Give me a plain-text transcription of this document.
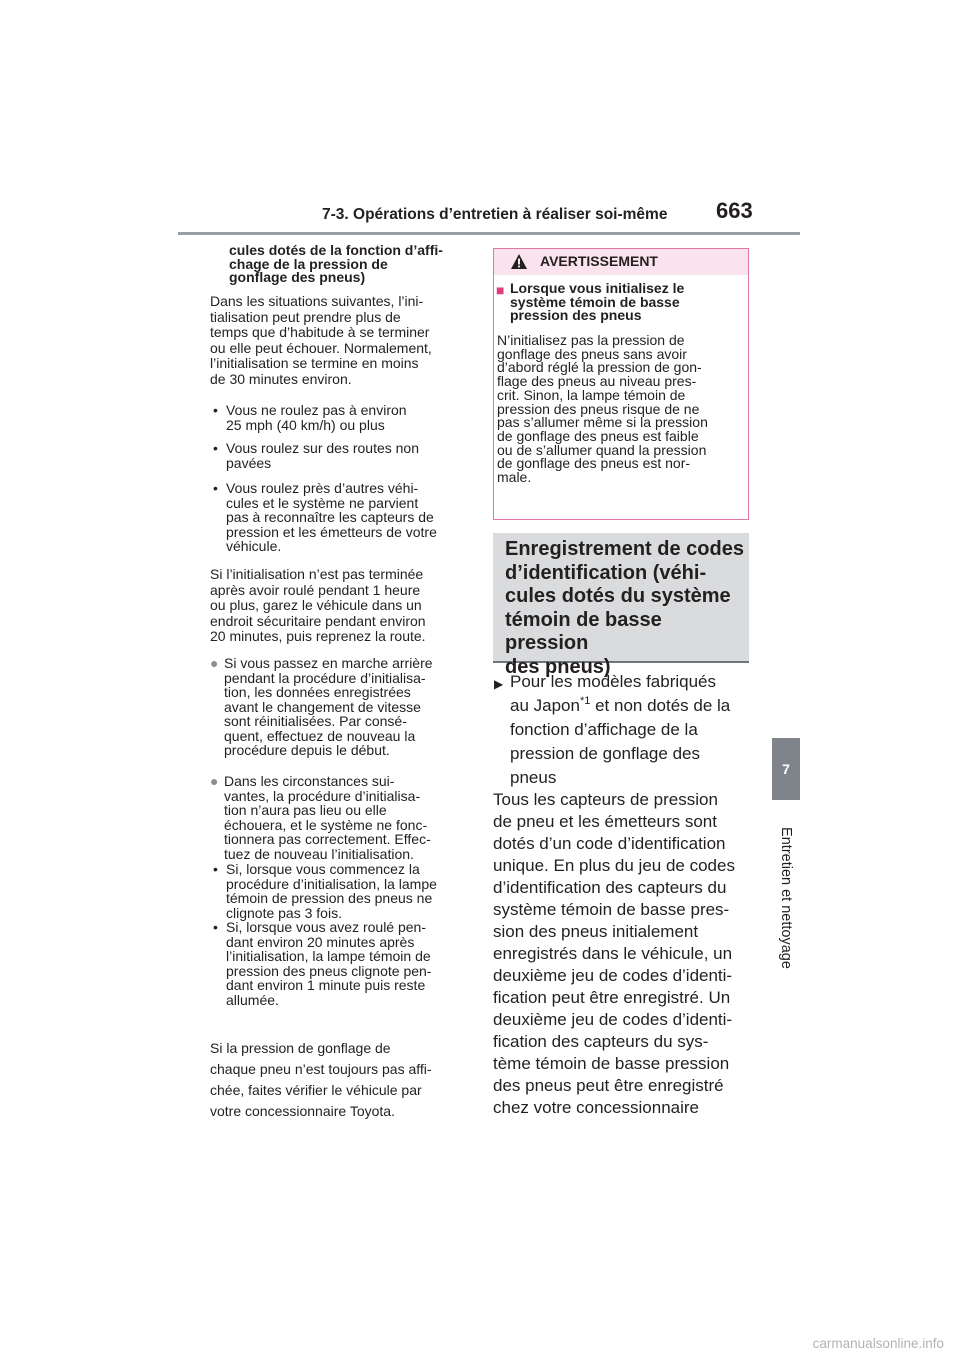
7-3. Opérations d’entretien à réaliser soi-même 663
7
Entretien et nettoyage
cules dotés de la fonction d’affi-
chage de la pression de
gonflage des pneus)

Dans les situations suivantes, l’ini-

tialisation peut prendre plus de

temps que d’habitude à se terminer

ou elle peut échouer. Normalement,

l’initialisation se termine en moins

de 30 minutes environ.

• Vous ne roulez pas à environ
25 mph (40 km/h) ou plus
• Vous roulez sur des routes non
pavées
• Vous roulez près d’autres véhi-
cules et le système ne parvient
pas à reconnaître les capteurs de
pression et les émetteurs de votre
véhicule.

Si l’initialisation n’est pas terminée

après avoir roulé pendant 1 heure

ou plus, garez le véhicule dans un

endroit sécuritaire pendant environ

20 minutes, puis reprenez la route.

● Si vous passez en marche arrière
pendant la procédure d’initialisa-
tion, les données enregistrées
avant le changement de vitesse
sont réinitialisées. Par consé-
quent, effectuez de nouveau la
procédure depuis le début.
● Dans les circonstances sui-
vantes, la procédure d’initialisa-
tion n’aura pas lieu ou elle
échouera, et le système ne fonc-
tionnera pas correctement. Effec-
tuez de nouveau l’initialisation.
• Si, lorsque vous commencez la
procédure d’initialisation, la lampe
témoin de pression des pneus ne
clignote pas 3 fois.
• Si, lorsque vous avez roulé pen-
dant environ 20 minutes après
l’initialisation, la lampe témoin de
pression des pneus clignote pen-
dant environ 1 minute puis reste
allumée.

Si la pression de gonflage de

chaque pneu n’est toujours pas affi-

chée, faites vérifier le véhicule par

votre concessionnaire Toyota.

AVERTISSEMENT
■ Lorsque vous initialisez le
système témoin de basse
pression des pneus
N’initialisez pas la pression de
gonflage des pneus sans avoir
d’abord réglé la pression de gon-
flage des pneus au niveau pres-
crit. Sinon, la lampe témoin de
pression des pneus risque de ne
pas s’allumer même si la pression
de gonflage des pneus est faible
ou de s’allumer quand la pression
de gonflage des pneus est nor-
male.
Enregistrement de codes
d’identification (véhi-
cules dotés du système
témoin de basse pression
des pneus)
▶ Pour les modèles fabriqués
au Japon$^{*1}$ et non dotés de la
fonction d’affichage de la
pression de gonflage des
pneus
Tous les capteurs de pression
de pneu et les émetteurs sont
dotés d’un code d’identification
unique. En plus du jeu de codes
d’identification des capteurs du
système témoin de basse pres-
sion des pneus initialement
enregistrés dans le véhicule, un
deuxième jeu de codes d’identi-
fication peut être enregistré. Un
deuxième jeu de codes d’identi-
fication des capteurs du sys-
tème témoin de basse pression
des pneus peut être enregistré
chez votre concessionnaire
carmanualsonline.info
